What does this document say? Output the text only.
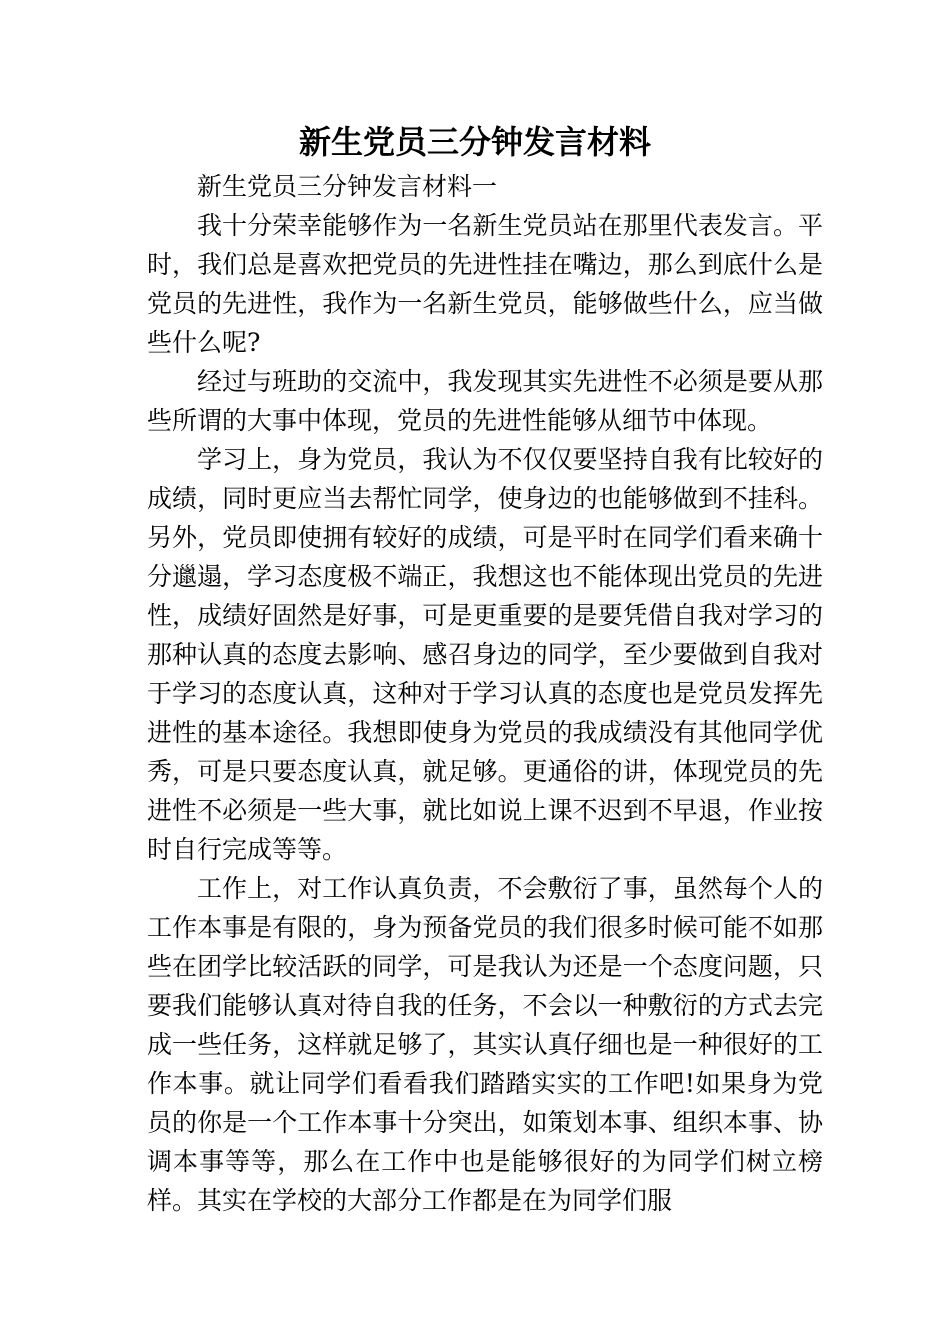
新生党员三分钟发言材料

新生党员三分钟发言材料一

我十分荣幸能够作为一名新生党员站在那里代表发言。平时，我们总是喜欢把党员的先进性挂在嘴边，那么到底什么是党员的先进性，我作为一名新生党员，能够做些什么，应当做些什么呢?

经过与班助的交流中，我发现其实先进性不必须是要从那些所谓的大事中体现，党员的先进性能够从细节中体现。

学习上，身为党员，我认为不仅仅要坚持自我有比较好的成绩，同时更应当去帮忙同学，使身边的也能够做到不挂科。另外，党员即使拥有较好的成绩，可是平时在同学们看来确十分邋遢，学习态度极不端正，我想这也不能体现出党员的先进性，成绩好固然是好事，可是更重要的是要凭借自我对学习的那种认真的态度去影响、感召身边的同学，至少要做到自我对于学习的态度认真，这种对于学习认真的态度也是党员发挥先进性的基本途径。我想即使身为党员的我成绩没有其他同学优秀，可是只要态度认真，就足够。更通俗的讲，体现党员的先进性不必须是一些大事，就比如说上课不迟到不早退，作业按时自行完成等等。

工作上，对工作认真负责，不会敷衍了事，虽然每个人的工作本事是有限的，身为预备党员的我们很多时候可能不如那些在团学比较活跃的同学，可是我认为还是一个态度问题，只要我们能够认真对待自我的任务，不会以一种敷衍的方式去完成一些任务，这样就足够了，其实认真仔细也是一种很好的工作本事。就让同学们看看我们踏踏实实的工作吧!如果身为党员的你是一个工作本事十分突出，如策划本事、组织本事、协调本事等等，那么在工作中也是能够很好的为同学们树立榜样。其实在学校的大部分工作都是在为同学们服
